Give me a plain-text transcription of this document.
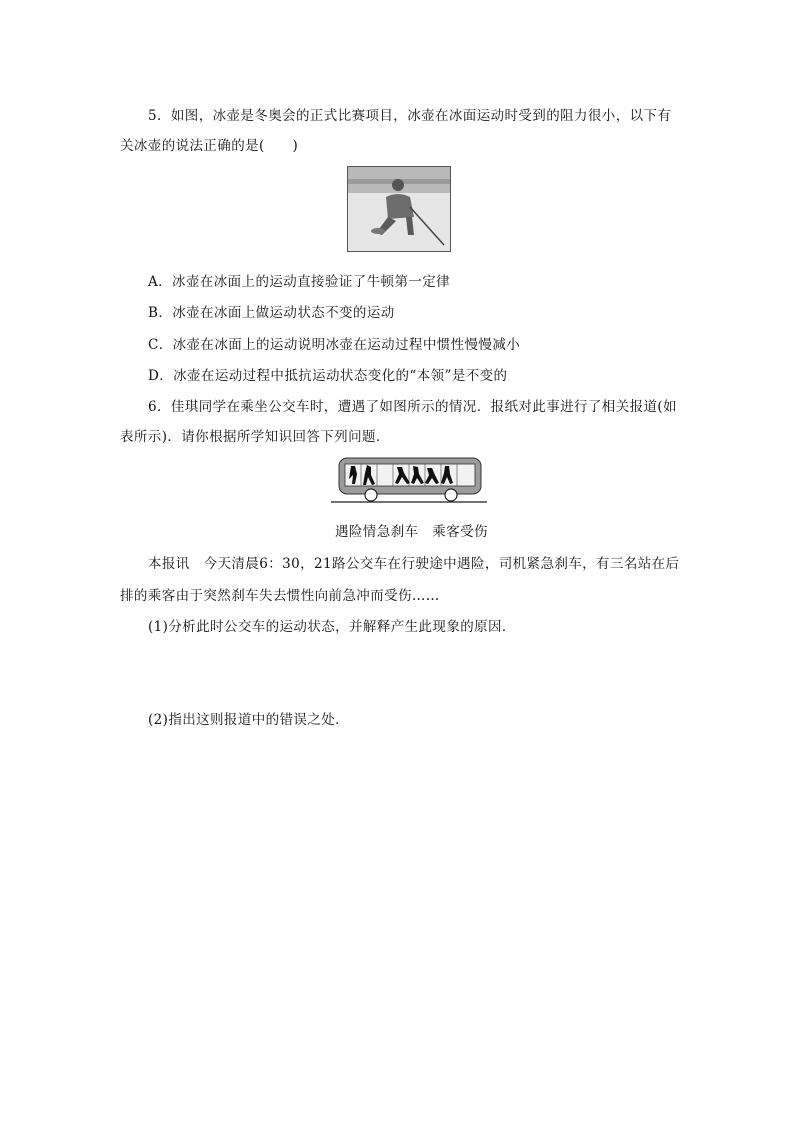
5．如图，冰壶是冬奥会的正式比赛项目，冰壶在冰面运动时受到的阻力很小，以下有
关冰壶的说法正确的是(　　)
A．冰壶在冰面上的运动直接验证了牛顿第一定律
B．冰壶在冰面上做运动状态不变的运动
C．冰壶在冰面上的运动说明冰壶在运动过程中惯性慢慢减小
D．冰壶在运动过程中抵抗运动状态变化的“本领”是不变的
6．佳琪同学在乘坐公交车时，遭遇了如图所示的情况．报纸对此事进行了相关报道(如
表所示)．请你根据所学知识回答下列问题．
遇险情急刹车　乘客受伤
本报讯　今天清晨6：30，21路公交车在行驶途中遇险，司机紧急刹车，有三名站在后
排的乘客由于突然刹车失去惯性向前急冲而受伤……
(1)分析此时公交车的运动状态，并解释产生此现象的原因．
(2)指出这则报道中的错误之处．
